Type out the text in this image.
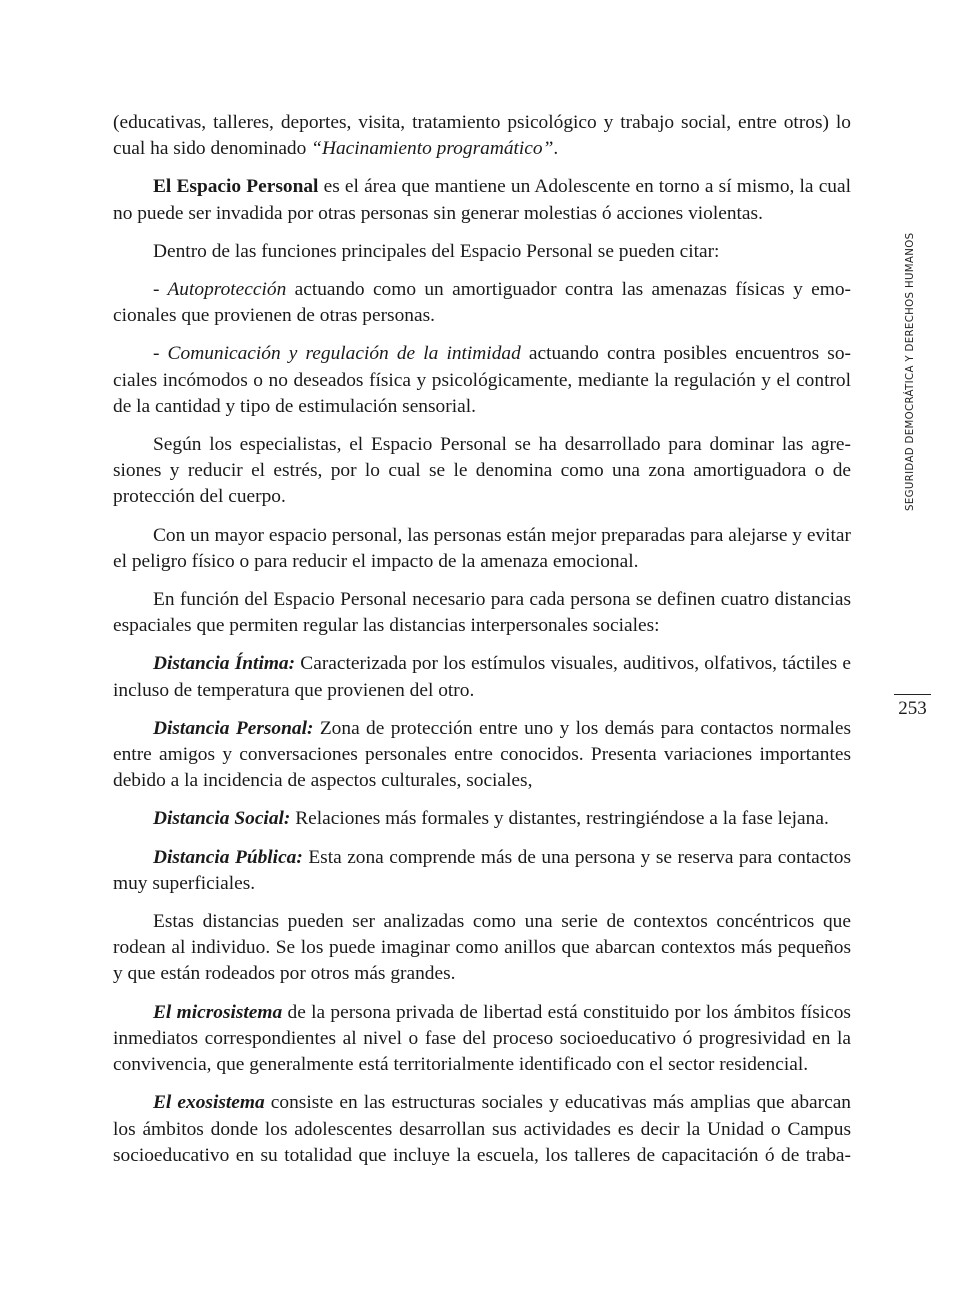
(educativas, talleres, deportes, visita, tratamiento psicológico y trabajo social, entre otros) lo cual ha sido denominado “Hacinamiento programático”.

El Espacio Personal es el área que mantiene un Adolescente en torno a sí mismo, la cual no puede ser invadida por otras personas sin generar molestias ó acciones violentas.

Dentro de las funciones principales del Espacio Personal se pueden citar:

- Autoprotección actuando como un amortiguador contra las amenazas físicas y emocionales que provienen de otras personas.

- Comunicación y regulación de la intimidad actuando contra posibles encuentros sociales incómodos o no deseados física y psicológicamente, mediante la regulación y el control de la cantidad y tipo de estimulación sensorial.

Según los especialistas, el Espacio Personal se ha desarrollado para dominar las agresiones y reducir el estrés, por lo cual se le denomina como una zona amortiguadora o de protección del cuerpo.

Con un mayor espacio personal, las personas están mejor preparadas para alejarse y evitar el peligro físico o para reducir el impacto de la amenaza emocional.

En función del Espacio Personal necesario para cada persona se definen cuatro distancias espaciales que permiten regular las distancias interpersonales sociales:

Distancia Íntima: Caracterizada por los estímulos visuales, auditivos, olfativos, táctiles e incluso de temperatura que provienen del otro.

Distancia Personal: Zona de protección entre uno y los demás para contactos normales entre amigos y conversaciones personales entre conocidos. Presenta variaciones importantes debido a la incidencia de aspectos culturales, sociales,

Distancia Social: Relaciones más formales y distantes, restringiéndose a la fase lejana.

Distancia Pública: Esta zona comprende más de una persona y se reserva para contactos muy superficiales.

Estas distancias pueden ser analizadas como una serie de contextos concéntricos que rodean al individuo. Se los puede imaginar como anillos que abarcan contextos más pequeños y que están rodeados por otros más grandes.

El microsistema de la persona privada de libertad está constituido por los ámbitos físicos inmediatos correspondientes al nivel o fase del proceso socioeducativo ó progresividad en la convivencia, que generalmente está territorialmente identificado con el sector residencial.

El exosistema consiste en las estructuras sociales y educativas más amplias que abarcan los ámbitos donde los adolescentes desarrollan sus actividades es decir la Unidad o Campus socioeducativo en su totalidad que incluye la escuela, los talleres de capacitación ó de traba-

SEGURIDAD DEMOCRÁTICA Y DERECHOS HUMANOS
253
